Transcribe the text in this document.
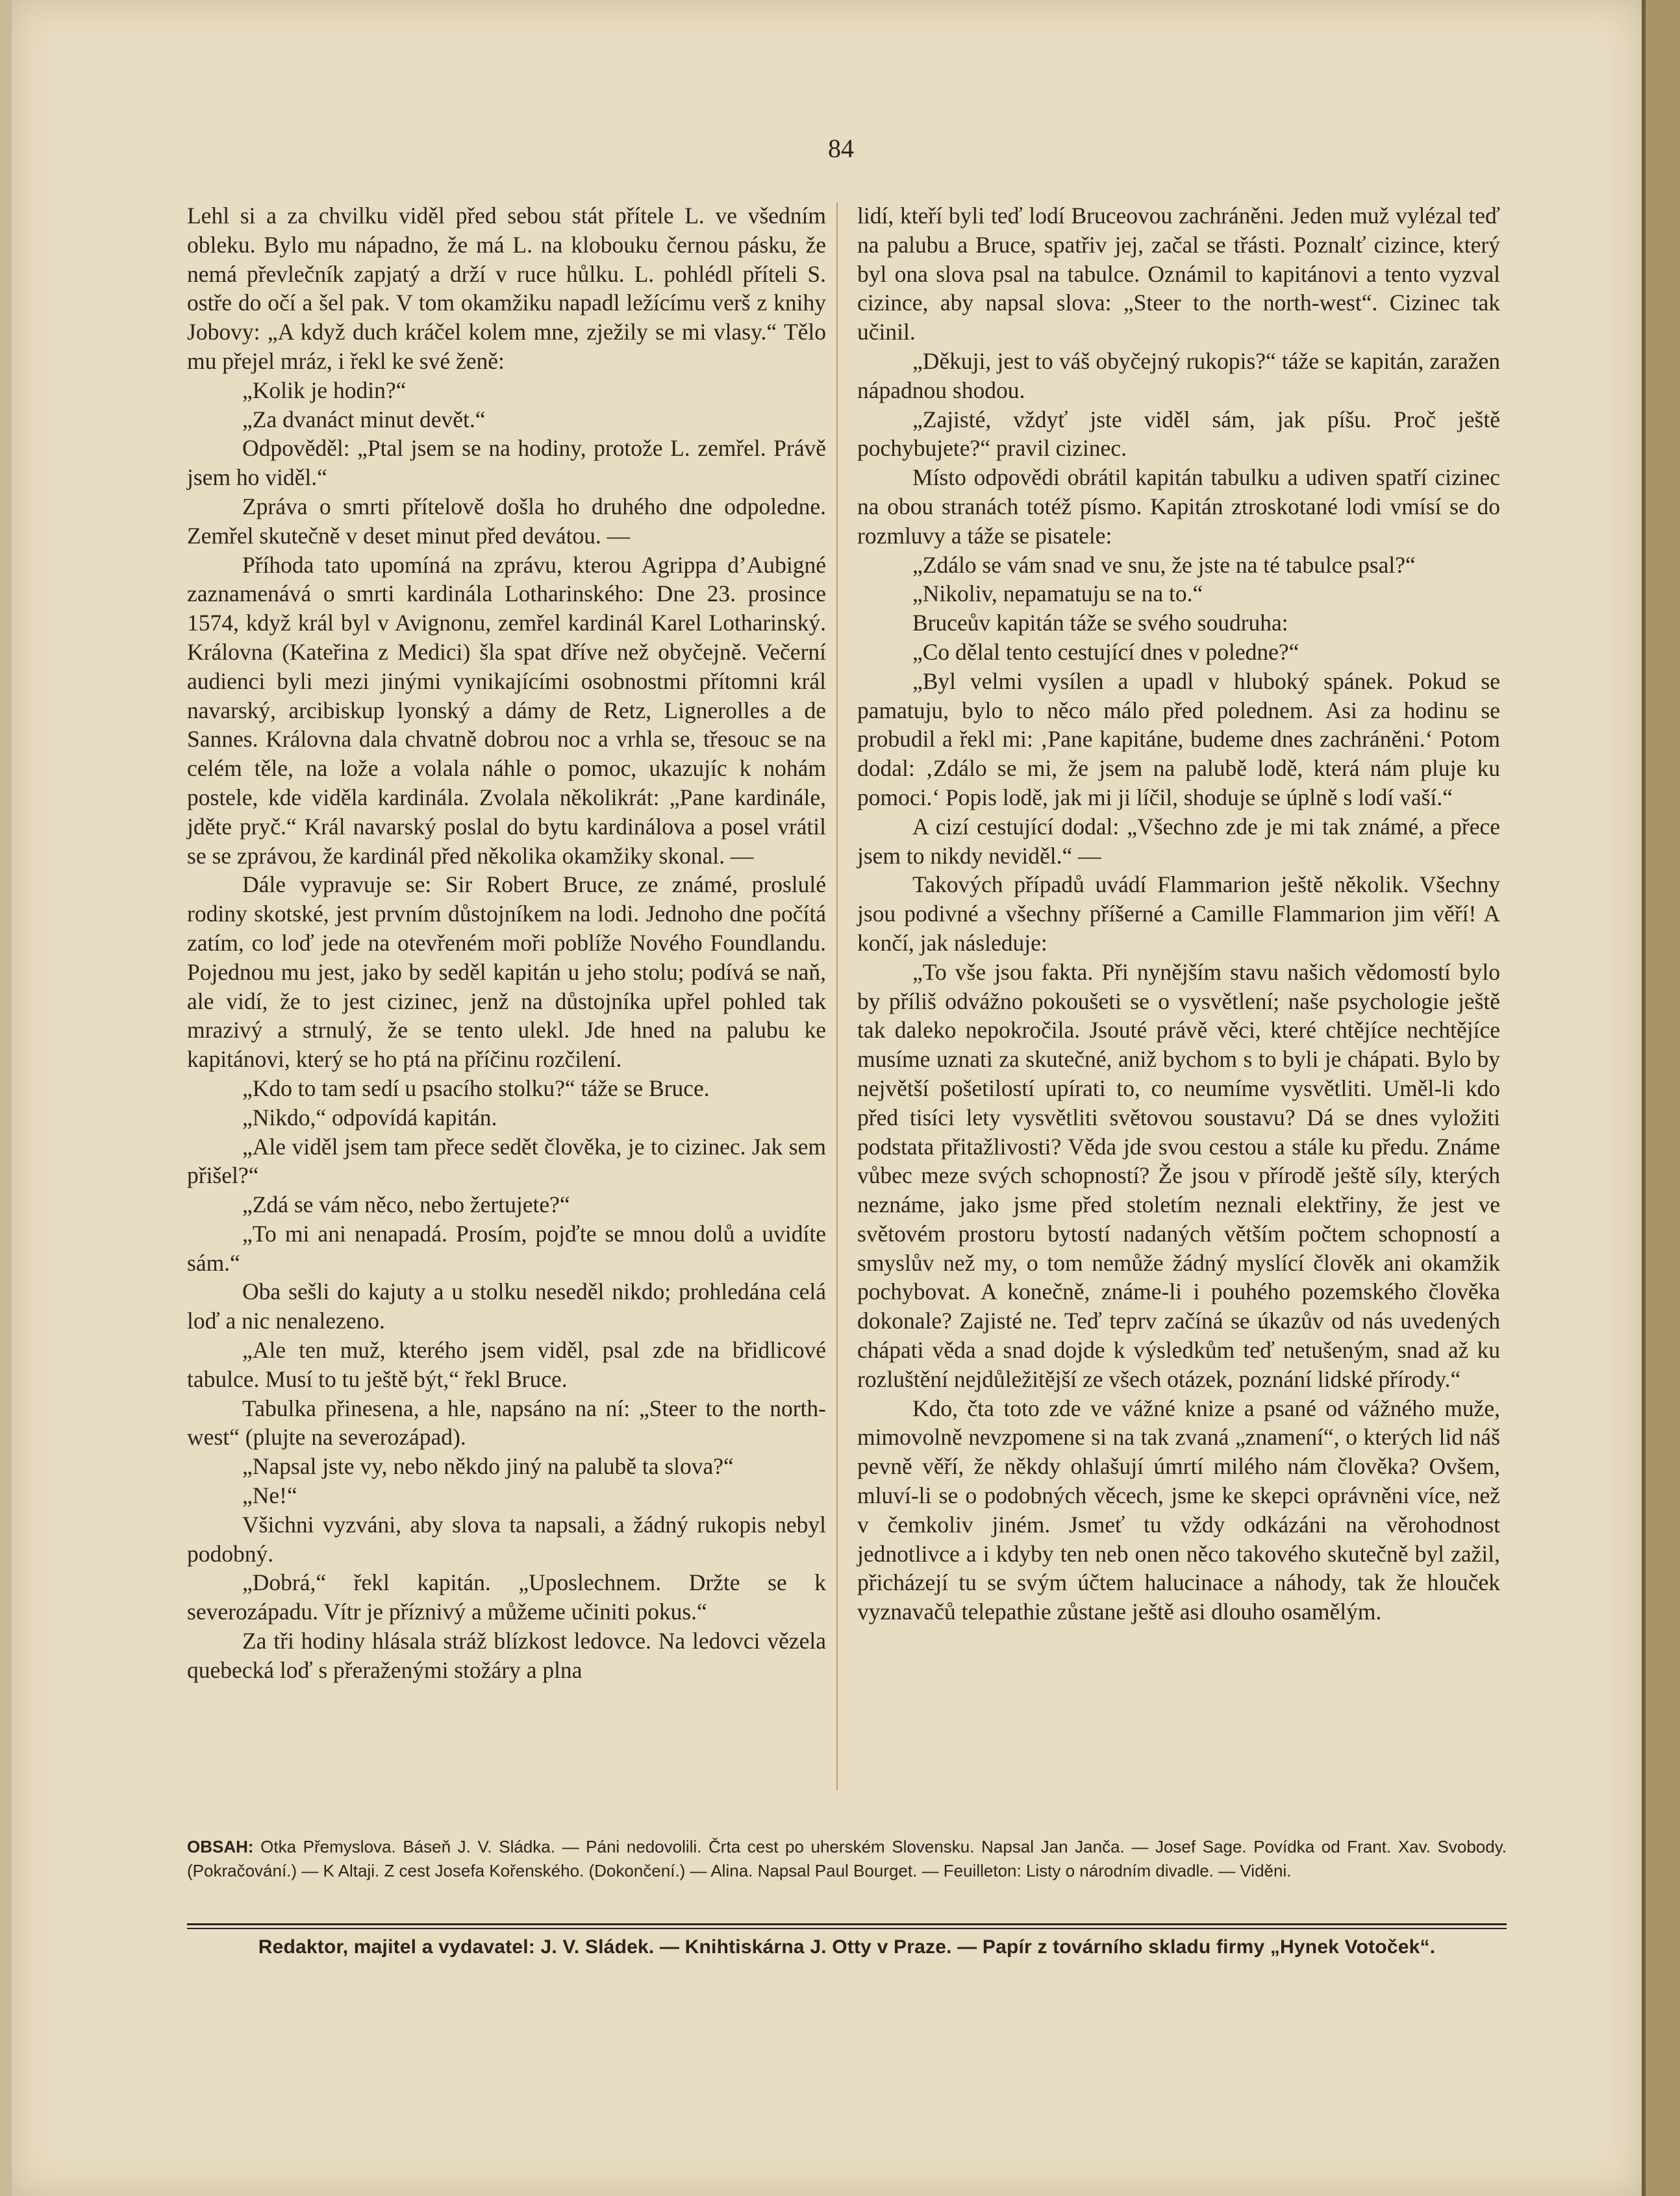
84

Lehl si a za chvilku viděl před sebou stát přítele L. ve všedním obleku. Bylo mu nápadno, že má L. na klobouku černou pásku, že nemá převlečník zapjatý a drží v ruce hůlku. L. pohlédl příteli S. ostře do očí a šel pak. V tom okamžiku napadl ležícímu verš z knihy Jobovy: „A když duch kráčel kolem mne, zježily se mi vlasy.“ Tělo mu přejel mráz, i řekl ke své ženě:

„Kolik je hodin?“

„Za dvanáct minut devět.“

Odpověděl: „Ptal jsem se na hodiny, protože L. zemřel. Právě jsem ho viděl.“

Zpráva o smrti přítelově došla ho druhého dne odpoledne. Zemřel skutečně v deset minut před devátou. —

Příhoda tato upomíná na zprávu, kterou Agrippa d’Aubigné zaznamenává o smrti kardinála Lotharinského: Dne 23. prosince 1574, když král byl v Avignonu, zemřel kardinál Karel Lotharinský. Královna (Kateřina z Medici) šla spat dříve než obyčejně. Večerní audienci byli mezi jinými vynikajícími osobnostmi přítomni král navarský, arcibiskup lyonský a dámy de Retz, Lignerolles a de Sannes. Královna dala chvatně dobrou noc a vrhla se, třesouc se na celém těle, na lože a volala náhle o pomoc, ukazujíc k nohám postele, kde viděla kardinála. Zvolala několikrát: „Pane kardinále, jděte pryč.“ Král navarský poslal do bytu kardinálova a posel vrátil se se zprávou, že kardinál před několika okamžiky skonal. —

Dále vypravuje se: Sir Robert Bruce, ze známé, proslulé rodiny skotské, jest prvním důstojníkem na lodi. Jednoho dne počítá zatím, co loď jede na otevřeném moři poblíže Nového Foundlandu. Pojednou mu jest, jako by seděl kapitán u jeho stolu; podívá se naň, ale vidí, že to jest cizinec, jenž na důstojníka upřel pohled tak mrazivý a strnulý, že se tento ulekl. Jde hned na palubu ke kapitánovi, který se ho ptá na příčinu rozčilení.

„Kdo to tam sedí u psacího stolku?“ táže se Bruce.

„Nikdo,“ odpovídá kapitán.

„Ale viděl jsem tam přece sedět člověka, je to cizinec. Jak sem přišel?“

„Zdá se vám něco, nebo žertujete?“

„To mi ani nenapadá. Prosím, pojďte se mnou dolů a uvidíte sám.“

Oba sešli do kajuty a u stolku neseděl nikdo; prohledána celá loď a nic nenalezeno.

„Ale ten muž, kterého jsem viděl, psal zde na břidlicové tabulce. Musí to tu ještě být,“ řekl Bruce.

Tabulka přinesena, a hle, napsáno na ní: „Steer to the north-west“ (plujte na severozápad).

„Napsal jste vy, nebo někdo jiný na palubě ta slova?“

„Ne!“

Všichni vyzváni, aby slova ta napsali, a žádný rukopis nebyl podobný.

„Dobrá,“ řekl kapitán. „Uposlechnem. Držte se k severozápadu. Vítr je příznivý a můžeme učiniti pokus.“

Za tři hodiny hlásala stráž blízkost ledovce. Na ledovci vězela quebecká loď s přeraženými stožáry a plna

lidí, kteří byli teď lodí Bruceovou zachráněni. Jeden muž vylézal teď na palubu a Bruce, spatřiv jej, začal se třásti. Poznalť cizince, který byl ona slova psal na tabulce. Oznámil to kapitánovi a tento vyzval cizince, aby napsal slova: „Steer to the north-west“. Cizinec tak učinil.

„Děkuji, jest to váš obyčejný rukopis?“ táže se kapitán, zaražen nápadnou shodou.

„Zajisté, vždyť jste viděl sám, jak píšu. Proč ještě pochybujete?“ pravil cizinec.

Místo odpovědi obrátil kapitán tabulku a udiven spatří cizinec na obou stranách totéž písmo. Kapitán ztroskotané lodi vmísí se do rozmluvy a táže se pisatele:

„Zdálo se vám snad ve snu, že jste na té tabulce psal?“

„Nikoliv, nepamatuju se na to.“

Bruceův kapitán táže se svého soudruha:

„Co dělal tento cestující dnes v poledne?“

„Byl velmi vysílen a upadl v hluboký spánek. Pokud se pamatuju, bylo to něco málo před polednem. Asi za hodinu se probudil a řekl mi: ‚Pane kapitáne, budeme dnes zachráněni.‘ Potom dodal: ‚Zdálo se mi, že jsem na palubě lodě, která nám pluje ku pomoci.‘ Popis lodě, jak mi ji líčil, shoduje se úplně s lodí vaší.“

A cizí cestující dodal: „Všechno zde je mi tak známé, a přece jsem to nikdy neviděl.“ —

Takových případů uvádí Flammarion ještě několik. Všechny jsou podivné a všechny příšerné a Camille Flammarion jim věří! A končí, jak následuje:

„To vše jsou fakta. Při nynějším stavu našich vědomostí bylo by příliš odvážno pokoušeti se o vysvětlení; naše psychologie ještě tak daleko nepokročila. Jsouté právě věci, které chtějíce nechtějíce musíme uznati za skutečné, aniž bychom s to byli je chápati. Bylo by největší pošetilostí upírati to, co neumíme vysvětliti. Uměl-li kdo před tisíci lety vysvětliti světovou soustavu? Dá se dnes vyložiti podstata přitažlivosti? Věda jde svou cestou a stále ku předu. Známe vůbec meze svých schopností? Že jsou v přírodě ještě síly, kterých neznáme, jako jsme před stoletím neznali elektřiny, že jest ve světovém prostoru bytostí nadaných větším počtem schopností a smyslův než my, o tom nemůže žádný myslící člověk ani okamžik pochybovat. A konečně, známe-li i pouhého pozemského člověka dokonale? Zajisté ne. Teď teprv začíná se úkazův od nás uvedených chápati věda a snad dojde k výsledkům teď netušeným, snad až ku rozluštění nejdůležitější ze všech otázek, poznání lidské přírody.“

Kdo, čta toto zde ve vážné knize a psané od vážného muže, mimovolně nevzpomene si na tak zvaná „znamení“, o kterých lid náš pevně věří, že někdy ohlašují úmrtí milého nám člověka? Ovšem, mluví-li se o podobných věcech, jsme ke skepci oprávněni více, než v čemkoliv jiném. Jsmeť tu vždy odkázáni na věrohodnost jednotlivce a i kdyby ten neb onen něco takového skutečně byl zažil, přicházejí tu se svým účtem halucinace a náhody, tak že hlouček vyznavačů telepathie zůstane ještě asi dlouho osamělým.

OBSAH: Otka Přemyslova. Báseň J. V. Sládka. — Páni nedovolili. Črta cest po uherském Slovensku. Napsal Jan Janča. — Josef Sage. Povídka od Frant. Xav. Svobody. (Pokračování.) — K Altaji. Z cest Josefa Kořenského. (Dokončení.) — Alina. Napsal Paul Bourget. — Feuilleton: Listy o národním divadle. — Viděni.
Redaktor, majitel a vydavatel: J. V. Sládek. — Knihtiskárna J. Otty v Praze. — Papír z továrního skladu firmy „Hynek Votoček“.
